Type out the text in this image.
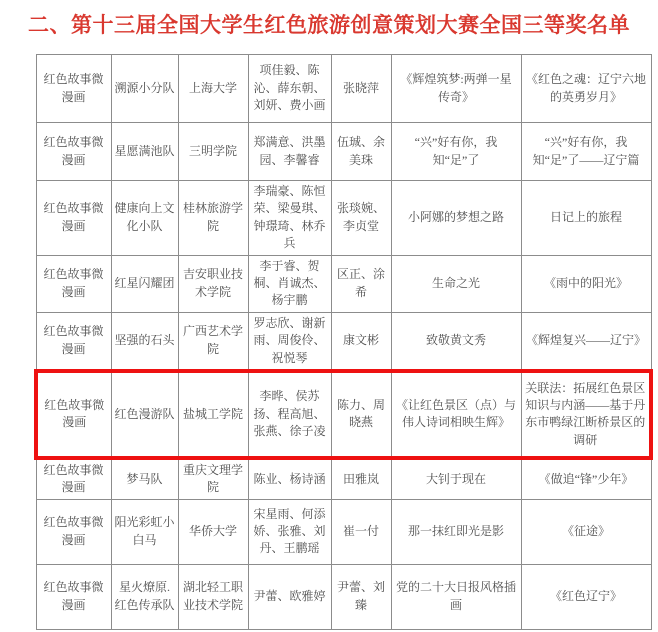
二、第十三届全国大学生红色旅游创意策划大赛全国三等奖名单
红色故事微漫画	溯源小分队	上海大学	项佳毅、陈沁、薛东朝、刘妍、费小画	张晓萍	《辉煌筑梦:两弹一星传奇》	《红色之魂：辽宁六地的英勇岁月》
红色故事微漫画	星愿满池队	三明学院	郑满意、洪墨园、李馨睿	伍珹、余美珠	“兴”好有你，我知“足”了	“兴”好有你，我知“足”了——辽宁篇
红色故事微漫画	健康向上文化小队	桂林旅游学院	李瑞豪、陈恒荣、梁曼琪、钟璟琦、林乔兵	张琰婉、李贞堂	小阿娜的梦想之路	日记上的旅程
红色故事微漫画	红星闪耀团	吉安职业技术学院	李于睿、贺桐、肖诚杰、杨宇鹏	区正、涂希	生命之光	《雨中的阳光》
红色故事微漫画	坚强的石头	广西艺术学院	罗志欣、谢新雨、周俊伶、祝悦琴	康文彬	致敬黄文秀	《辉煌复兴——辽宁》
红色故事微漫画	红色漫游队	盐城工学院	李晔、侯苏扬、程高旭、张燕、徐子凌	陈力、周晓燕	《让红色景区（点）与伟人诗词相映生辉》	关联法：拓展红色景区知识与内涵——基于丹东市鸭绿江断桥景区的调研
红色故事微漫画	梦马队	重庆文理学院	陈业、杨诗涵	田雅岚	大钊于现在	《做追“锋”少年》
红色故事微漫画	阳光彩虹小白马	华侨大学	宋星雨、何添娇、张雅、刘丹、王鹏瑶	崔一付	那一抹红即光是影	《征途》
红色故事微漫画	星火燎原.红色传承队	湖北轻工职业技术学院	尹蕾、欧雅婷	尹蕾、刘臻	党的二十大日报风格插画	《红色辽宁》
